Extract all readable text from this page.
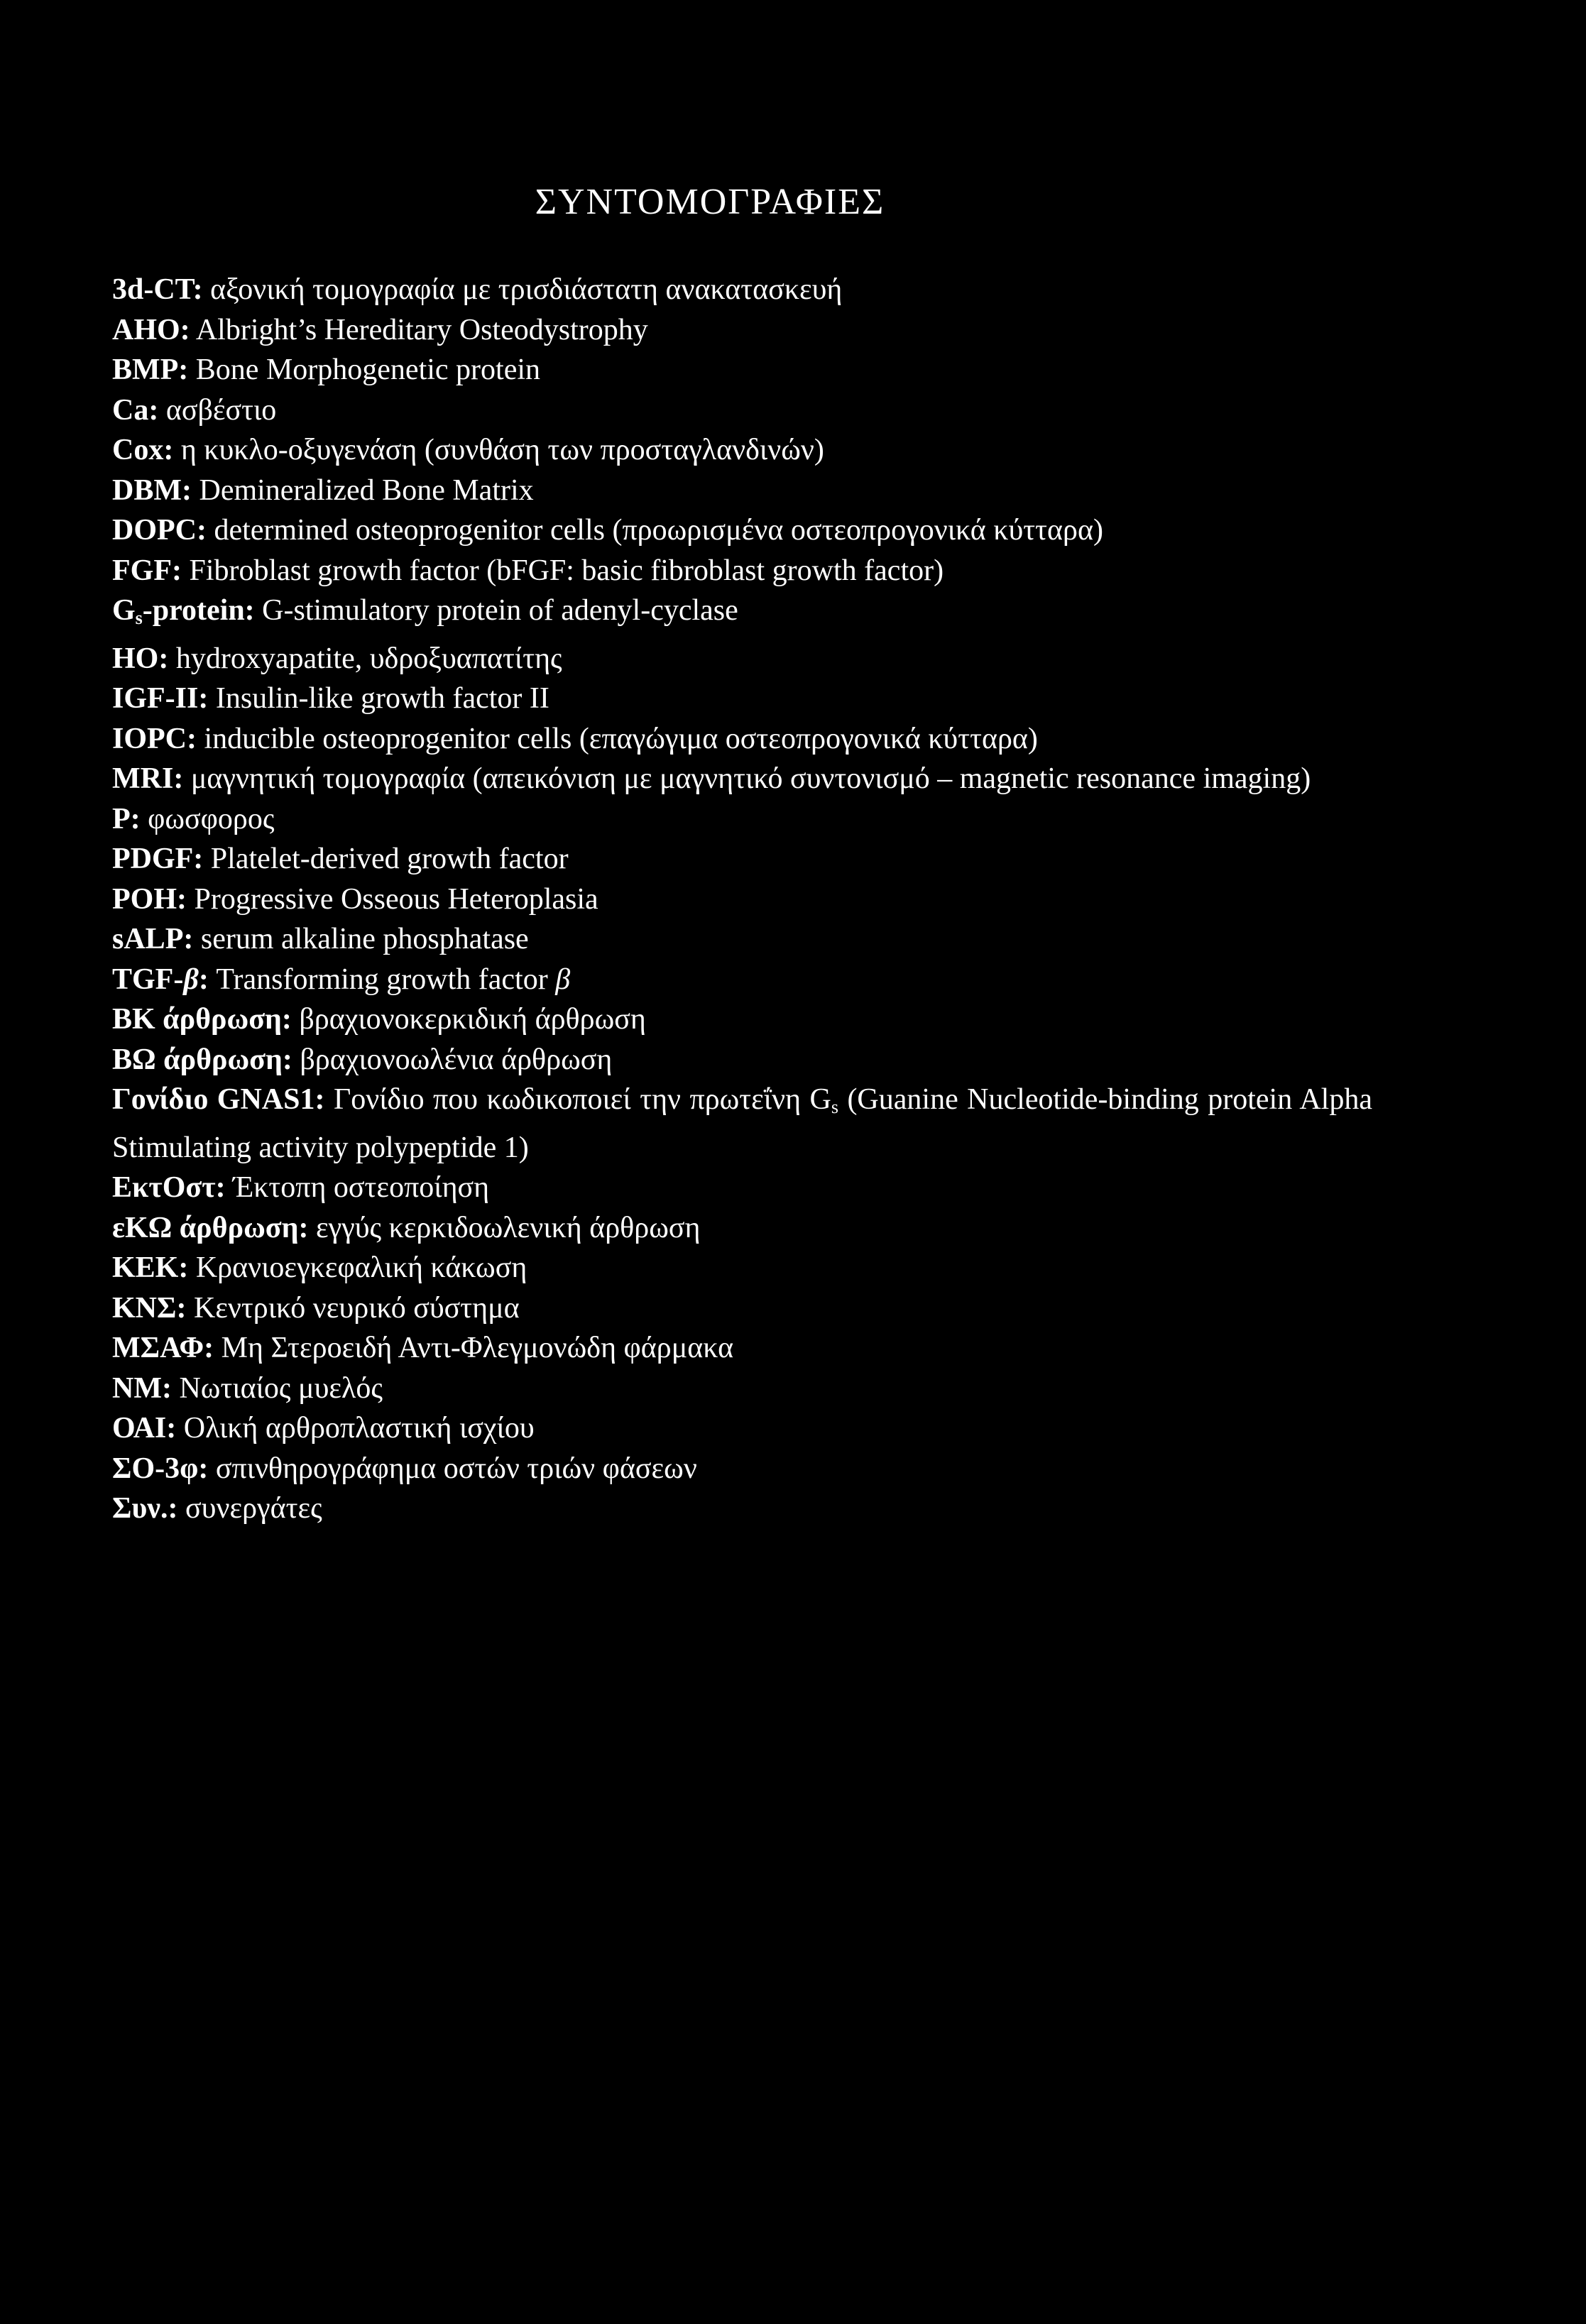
ΣΥΝΤΟΜΟΓΡΑΦΙΕΣ
3d-CT: αξονική τομογραφία με τρισδιάστατη ανακατασκευή
AHO: Albright’s Hereditary Osteodystrophy
BMP: Bone Morphogenetic protein
Ca: ασβέστιο
Cox: η κυκλο-οξυγενάση (συνθάση των προσταγλανδινών)
DBM: Demineralized Bone Matrix
DOPC: determined osteoprogenitor cells (προωρισμένα οστεοπρογονικά κύτταρα)
FGF: Fibroblast growth factor (bFGF: basic fibroblast growth factor)
$G_s$-protein: G-stimulatory protein of adenyl-cyclase
HO: hydroxyapatite, υδροξυαπατίτης
IGF-II: Insulin-like growth factor II
IOPC: inducible osteoprogenitor cells (επαγώγιμα οστεοπρογονικά κύτταρα)
MRI: μαγνητική τομογραφία (απεικόνιση με μαγνητικό συντονισμό – magnetic resonance imaging)
P: φωσφορος
PDGF: Platelet-derived growth factor
POH: Progressive Osseous Heteroplasia
sALP: serum alkaline phosphatase
TGF-β: Transforming growth factor β
BK άρθρωση: βραχιονοκερκιδική άρθρωση
ΒΩ άρθρωση: βραχιονοωλένια άρθρωση
Γονίδιο GNAS1: Γονίδιο που κωδικοποιεί την πρωτεΐνη $G_s$ (Guanine Nucleotide-binding protein Alpha Stimulating activity polypeptide 1)
ΕκτΟστ: Έκτοπη οστεοποίηση
εΚΩ άρθρωση: εγγύς κερκιδοωλενική άρθρωση
ΚΕΚ: Κρανιοεγκεφαλική κάκωση
ΚΝΣ: Κεντρικό νευρικό σύστημα
ΜΣΑΦ: Μη Στεροειδή Αντι-Φλεγμονώδη φάρμακα
ΝΜ: Νωτιαίος μυελός
ΟΑΙ: Ολική αρθροπλαστική ισχίου
ΣΟ-3φ: σπινθηρογράφημα οστών τριών φάσεων
Συν.: συνεργάτες
